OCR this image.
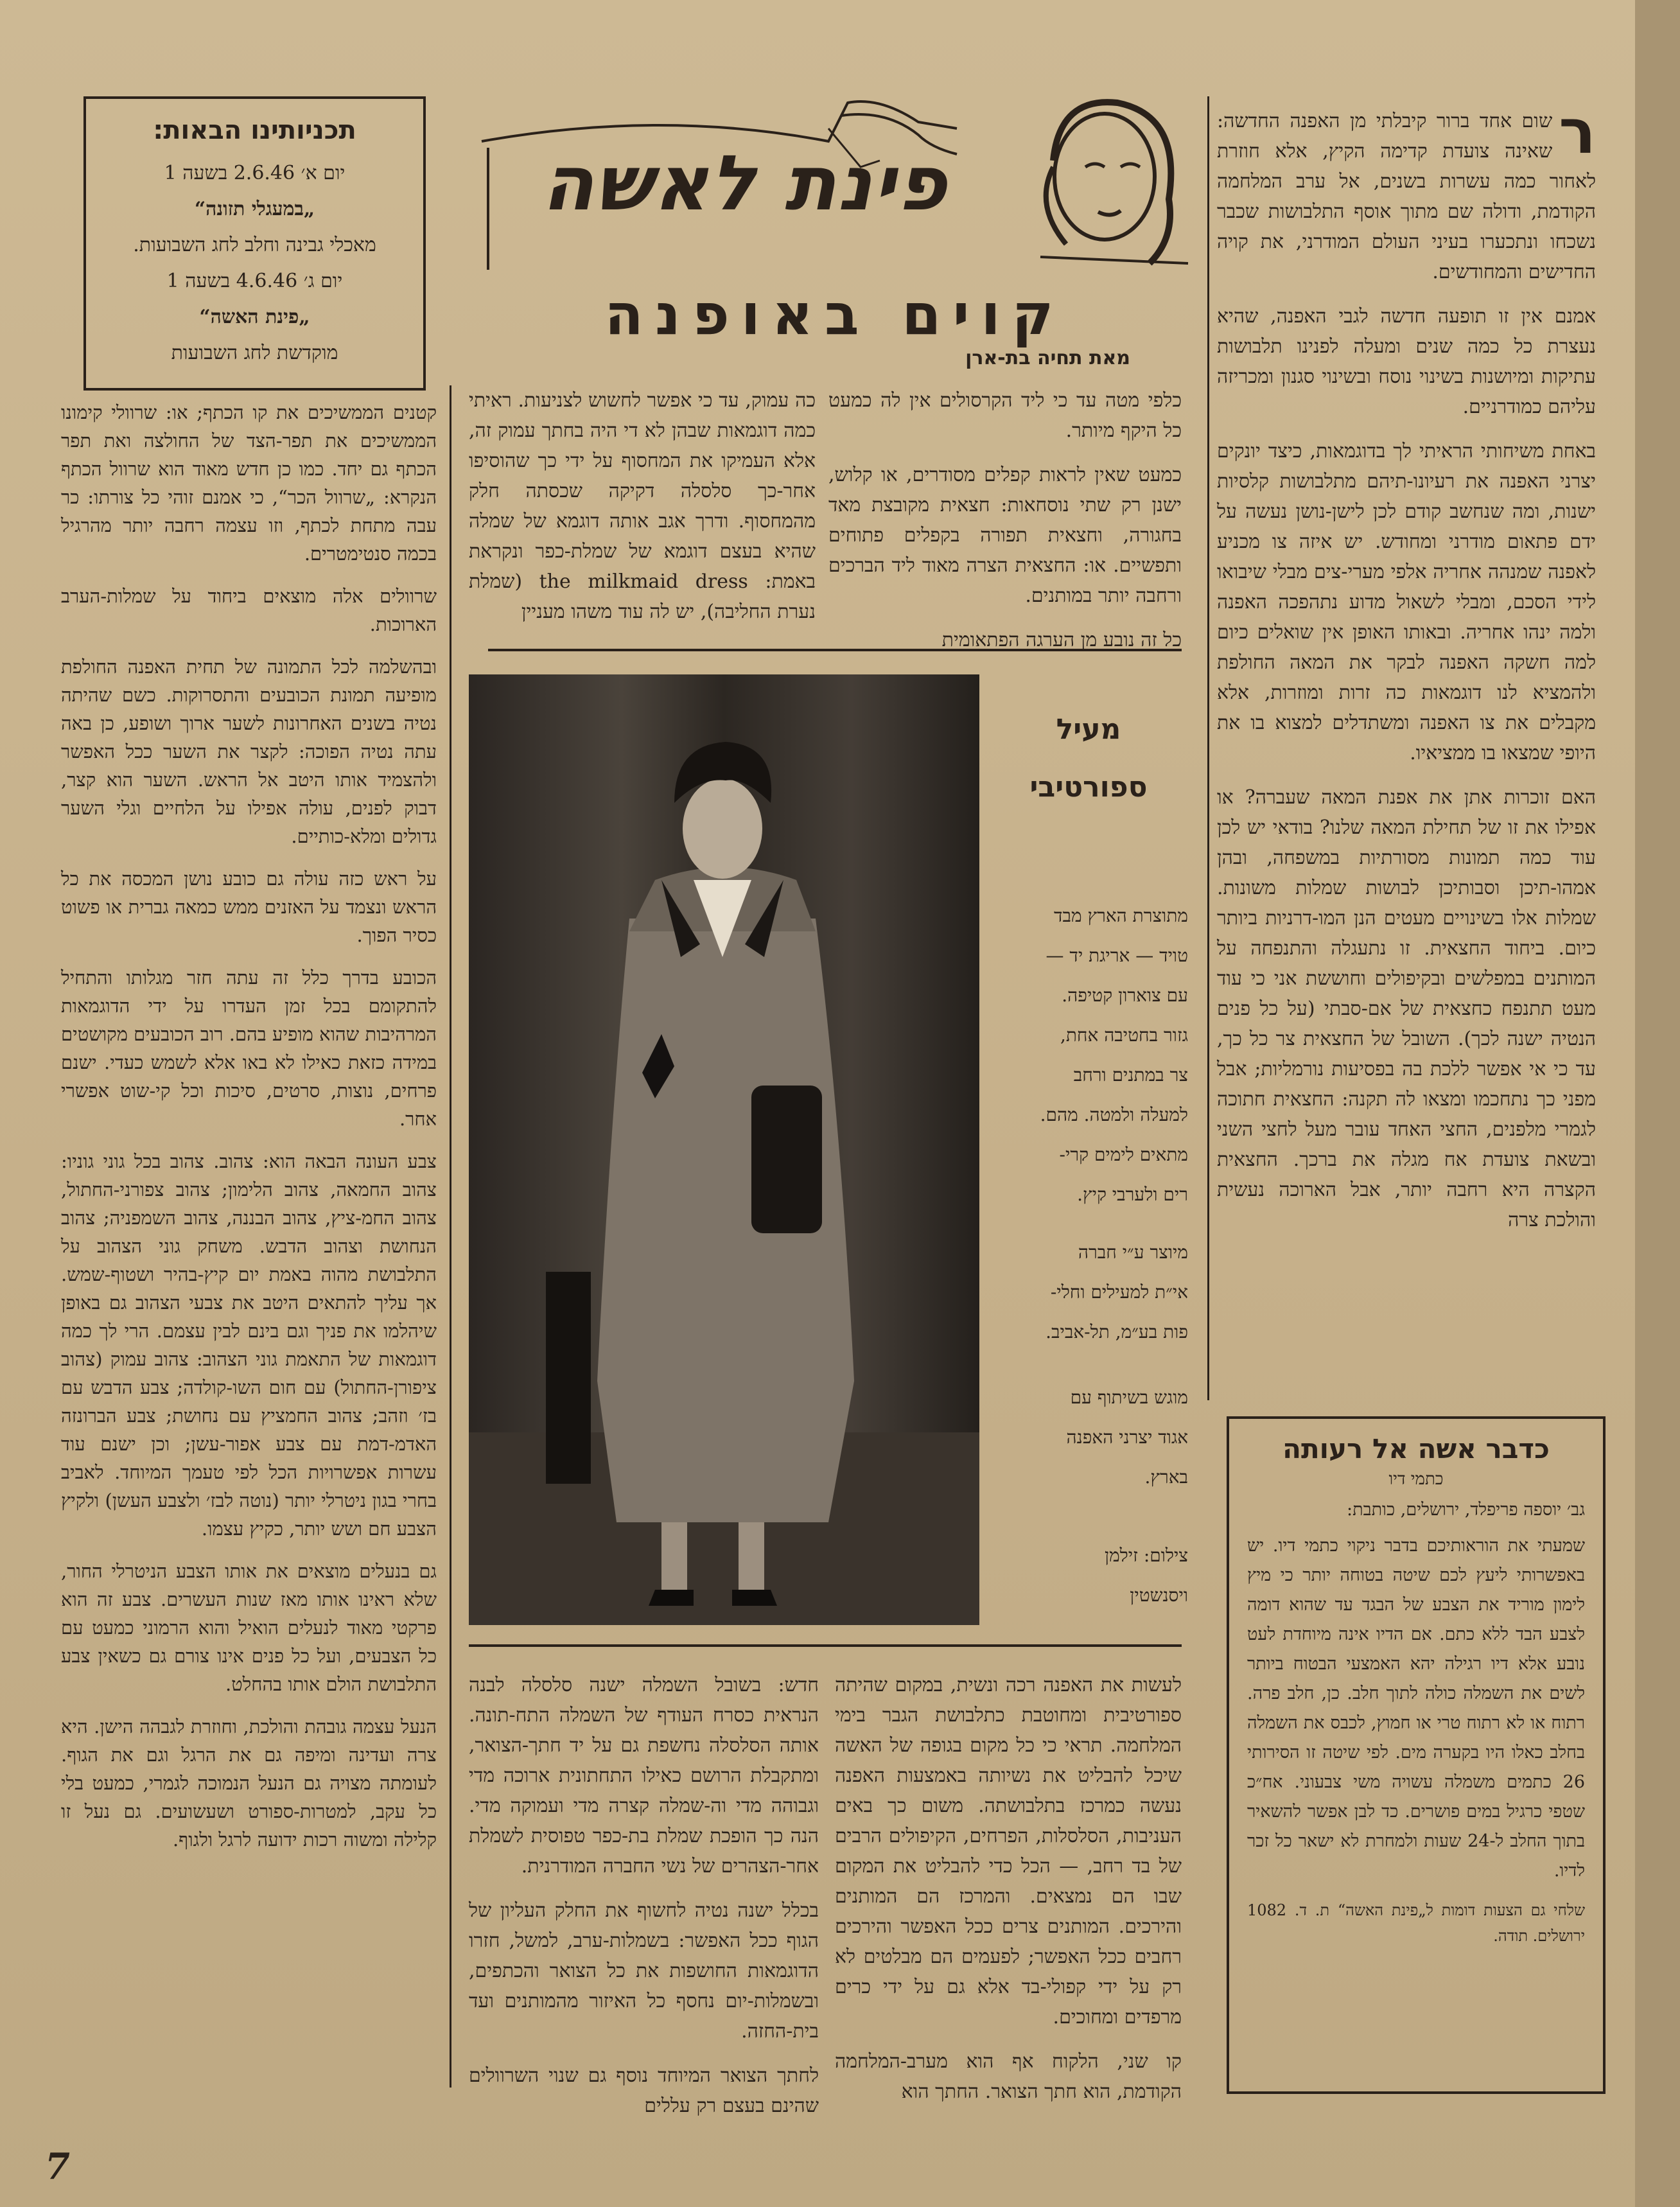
תכניותינו הבאות:
יום א׳ 2.6.46 בשעה 1
„במעגלי תזונה“
מאכלי גבינה וחלב לחג השבועות.
יום ג׳ 4.6.46 בשעה 1
„פינת האשה“
מוקדשת לחג השבועות
פינת לאשה
קוים באופנה
מאת תחיה בת-ארן
ר

שום אחד ברור קיבלתי מן האפנה החדשה: שאינה צועדת קדימה הקיץ, אלא חוזרת לאחור כמה עשרות בשנים, אל ערב המלחמה הקודמת, ודולה שם מתוך אוסף התלבושות שכבר נשכחו ונתכערו בעיני העולם המודרני, את קויה החדישים והמחודשים.

אמנם אין זו תופעה חדשה לגבי האפנה, שהיא נעצרת כל כמה שנים ומעלה לפנינו תלבושות עתיקות ומיושנות בשינוי נוסח ובשינוי סגנון ומכריזה עליהם כמודרניים.

באחת משיחותי הראיתי לך בדוגמאות, כיצד יונקים יצרני האפנה את רעיונו-תיהם מתלבושות קלסיות ישנות, ומה שנחשב קודם לכן לישן-נושן נעשה על ידם פתאום מודרני ומחודש. יש איזה צו מכניע לאפנה שמנהה אחריה אלפי מערי-צים מבלי שיבואו לידי הסכם, ומבלי לשאול מדוע נתהפכה האפנה ולמה ינהו אחריה. ובאותו האופן אין שואלים כיום למה חשקה האפנה לבקר את המאה החולפת ולהמציא לנו דוגמאות כה זרות ומוזרות, אלא מקבלים את צו האפנה ומשתדלים למצוא בו את היופי שמצאו בו ממציאיו.

האם זוכרות אתן את אפנת המאה שעברה? או אפילו את זו של תחילת המאה שלנו? בודאי יש לכן עוד כמה תמונות מסורתיות במשפחה, ובהן אמהו-תיכן וסבותיכן לבושות שמלות משונות. שמלות אלו בשינויים מעטים הנן המו-דרניות ביותר כיום. ביחוד החצאית. זו נתעגלה והתנפחה על המותנים במפלשים ובקיפולים וחוששת אני כי עוד מעט תתנפח כחצאית של אם-סבתי (על כל פנים הנטיה ישנה לכך). השובל של החצאית צר כל כך, עד כי אי אפשר ללכת בה בפסיעות נורמליות; אבל מפני כך נתחכמו ומצאו לה תקנה: החצאית חתוכה לגמרי מלפנים, החצי האחד עובר מעל לחצי השני ובשאת צועדת אח מגלה את ברכך. החצאית הקצרה היא רחבה יותר, אבל הארוכה נעשית והולכת צרה

כדבר אשה אל רעותה
כתמי דיו
גב׳ יוספה פריפלד, ירושלים, כותבת:
שמעתי את הוראותיכם בדבר ניקוי כתמי דיו. יש באפשרותי ליעץ לכם שיטה בטוחה יותר כי מיץ לימון מוריד את הצבע של הבגד עד שהוא דומה לצבע הבד ללא כתם. אם הדיו אינה מיוחדת לעט נובע אלא דיו רגילה יהא האמצעי הבטוח ביותר לשים את השמלה כולה לתוך חלב. כן, חלב פרה. רתוח או לא רתוח טרי או חמוץ, לכבס את השמלה בחלב כאלו היו בקערה מים. לפי שיטה זו הסירותי 26 כתמים משמלה עשויה משי צבעוני. אח״כ שטפי כרגיל במים פושרים. כד לבן אפשר להשאיר בתוך החלב ל-24 שעות ולמחרת לא ישאר כל זכר לדיו.
שלחי גם הצעות דומות ל„פינת האשה“ ת. ד. 1082 ירושלים. תודה.

כלפי מטה עד כי ליד הקרסולים אין לה כמעט כל היקף מיותר.

כמעט שאין לראות קפלים מסודרים, או קלוש, ישנן רק שתי נוסחאות: חצאית מקובצת מאד בחגורה, וחצאית תפורה בקפלים פתוחים ותפשיים. או: החצאית הצרה מאוד ליד הברכים ורחבה יותר במותנים.

כל זה נובע מן הערגה הפתאומית

כה עמוק, עד כי אפשר לחשוש לצניעות. ראיתי כמה דוגמאות שבהן לא די היה בחתך עמוק זה, אלא העמיקו את המחסוף על ידי כך שהוסיפו אחר-כך סלסלה דקיקה שכסתה חלק מהמחסוף. ודרך אגב אותה דוגמא של שמלה שהיא בעצם דוגמא של שמלת-כפר ונקראת באמת: the milkmaid dress (שמלת נערת החליבה), יש לה עוד משהו מעניין

מעיל
ספורטיבי
מתוצרת הארץ מבד
טויד — אריגת יד —
עם צוארון קטיפה.
גזור בחטיבה אחת,
צר במתנים ורחב
למעלה ולמטה. מהם.
מתאים לימים קרי-
רים ולערבי קיץ.
מיוצר ע״י חברה
אי״ת למעילים וחלי-
פות בע״מ, תל-אביב.
מוגש בשיתוף עם
אגוד יצרני האפנה
בארץ.
צילום: זילמן
ויסנשטין

לעשות את האפנה רכה ונשית, במקום שהיתה ספורטיבית ומחוטבת כתלבושת הגבר בימי המלחמה. תראי כי כל מקום בגופה של האשה שיכל להבליט את נשיותה באמצעות האפנה נעשה כמרכז בתלבושתה. משום כך באים העניבות, הסלסלות, הפרחים, הקיפולים הרבים של בד רחב, — הכל כדי להבליט את המקום שבו הם נמצאים. והמרכז הם המותנים והירכים. המותנים צרים ככל האפשר והירכים רחבים ככל האפשר; לפעמים הם מבלטים לא רק על ידי קפולי-בד אלא גם על ידי כרים מרפדים ומחוכים.

קו שני, הלקוח אף הוא מערב-המלחמה הקודמת, הוא חתך הצואר. החתך הוא

חדש: בשובל השמלה ישנה סלסלה לבנה הנראית כסרח העודף של השמלה התח-תונה. אותה הסלסלה נחשפת גם על יד חתך-הצואר, ומתקבלת הרושם כאילו התחתונית ארוכה מדי וגבוהה מדי וה-שמלה קצרה מדי ועמוקה מדי. הנה כך הופכת שמלת בת-כפר טפוסית לשמלת אחר-הצהרים של נשי החברה המודרנית.

בכלל ישנה נטיה לחשוף את החלק העליון של הגוף ככל האפשר: בשמלות-ערב, למשל, חזרו הדוגמאות החושפות את כל הצואר והכתפים, ובשמלות-יום נחסף כל האיזור מהמותנים ועד בית-החזה.

לחתך הצואר המיוחד נוסף גם שנוי השרוולים שהינם בעצם רק עללים

קטנים הממשיכים את קו הכתף; או: שרוולי קימונו הממשיכים את תפר-הצד של החולצה ואת תפר הכתף גם יחד. כמו כן חדש מאוד הוא שרוול הכתף הנקרא: „שרוול הכר“, כי אמנם זוהי כל צורתו: כר עבה מתחת לכתף, וזו עצמה רחבה יותר מהרגיל בכמה סנטימטרים.

שרוולים אלה מוצאים ביחוד על שמלות-הערב הארוכות.

ובהשלמה לכל התמונה של תחית האפנה החולפת מופיעה תמונת הכובעים והתסרוקות. כשם שהיתה נטיה בשנים האחרונות לשער ארוך ושופע, כן באה עתה נטיה הפוכה: לקצר את השער ככל האפשר ולהצמיד אותו היטב אל הראש. השער הוא קצר, דבוק לפנים, עולה אפילו על הלחיים וגלי השער גדולים ומלא-כותיים.

על ראש כזה עולה גם כובע נושן המכסה את כל הראש ונצמד על האזנים ממש כמאה גברית או פשוט כסיר הפוך.

הכובע בדרך כלל זה עתה חזר מגלותו והתחיל להתקומם בכל זמן העדרו על ידי הדוגמאות המרהיבות שהוא מופיע בהם. רוב הכובעים מקושטים במידה כזאת כאילו לא באו אלא לשמש כעדי. ישנם פרחים, נוצות, סרטים, סיכות וכל קי-שוט אפשרי אחר.

צבע העונה הבאה הוא: צהוב. צהוב בכל גוני גוניו: צהוב החמאה, צהוב הלימון; צהוב צפורני-החתול, צהוב החמ-ציץ, צהוב הבננה, צהוב השמפניה; צהוב הנחושת וצהוב הדבש. משחק גוני הצהוב על התלבושת מהוה באמת יום קיץ-בהיר ושטוף-שמש. אך עליך להתאים היטב את צבעי הצהוב גם באופן שיהלמו את פניך וגם בינם לבין עצמם. הרי לך כמה דוגמאות של התאמת גוני הצהוב: צהוב עמוק (צהוב ציפורן-החתול) עם חום השו-קולדה; צבע הדבש עם בז׳ וזהב; צהוב החמציץ עם נחושת; צבע הברונזה האדמ-דמת עם צבע אפור-עשן; וכן ישנם עוד עשרות אפשרויות הכל לפי טעמך המיוחד. לאביב בחרי בגון ניטרלי יותר (נוטה לבז׳ ולצבע העשן) ולקיץ הצבע חם ושש יותר, כקיץ עצמו.

גם בנעלים מוצאים את אותו הצבע הניטרלי החור, שלא ראינו אותו מאז שנות העשרים. צבע זה הוא פרקטי מאוד לנעלים הואיל והוא הרמוני כמעט עם כל הצבעים, ועל כל פנים אינו צורם גם כשאין צבע התלבושת הולם אותו בהחלט.

הנעל עצמה גובהת והולכת, וחוזרת לגבהה הישן. היא צרה ועדינה ומיפה גם את הרגל וגם את הגוף. לעומתה מצויה גם הנעל הנמוכה לגמרי, כמעט בלי כל עקב, למטרות-ספורט ושעשועים. גם נעל זו קלילה ומשוה רכות ידועה לרגל ולגוף.

7
